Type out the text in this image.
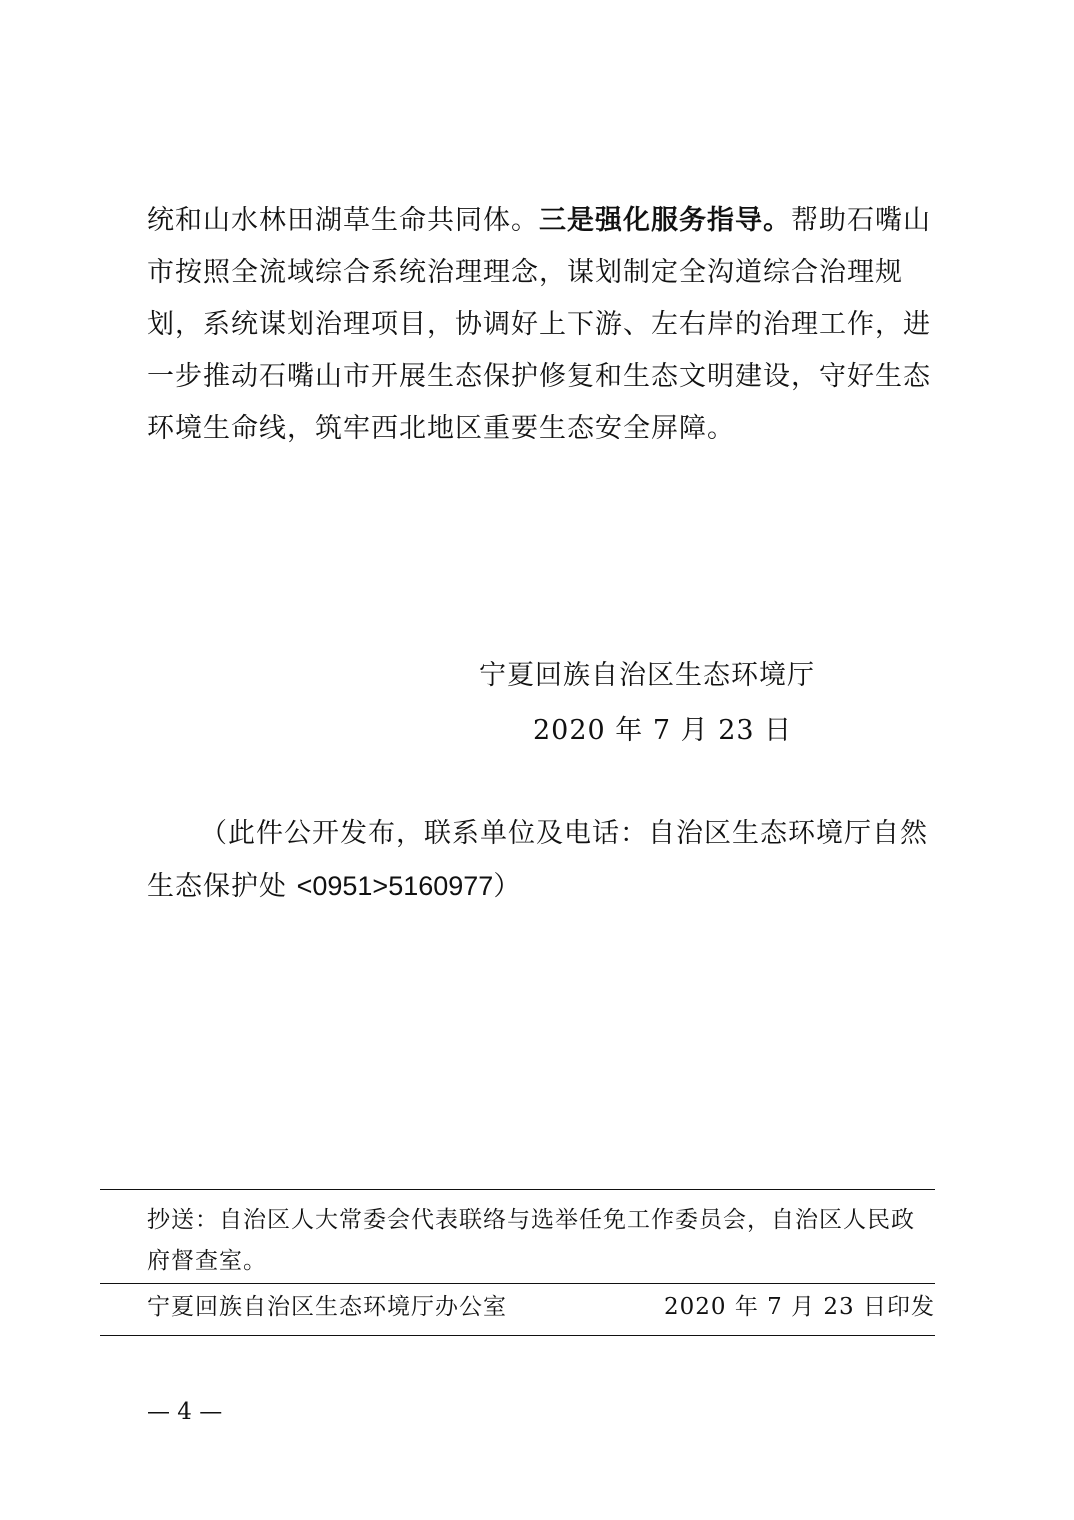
统和山水林田湖草生命共同体。三是强化服务指导。帮助石嘴山市按照全流域综合系统治理理念，谋划制定全沟道综合治理规划，系统谋划治理项目，协调好上下游、左右岸的治理工作，进一步推动石嘴山市开展生态保护修复和生态文明建设，守好生态环境生命线，筑牢西北地区重要生态安全屏障。

宁夏回族自治区生态环境厅
2020 年 7 月 23 日
（此件公开发布，联系单位及电话：自治区生态环境厅自然
生态保护处 <0951>5160977）
抄送：自治区人大常委会代表联络与选举任免工作委员会，自治区人民政
府督查室。
宁夏回族自治区生态环境厅办公室	2020 年 7 月 23 日印发
— 4 —
